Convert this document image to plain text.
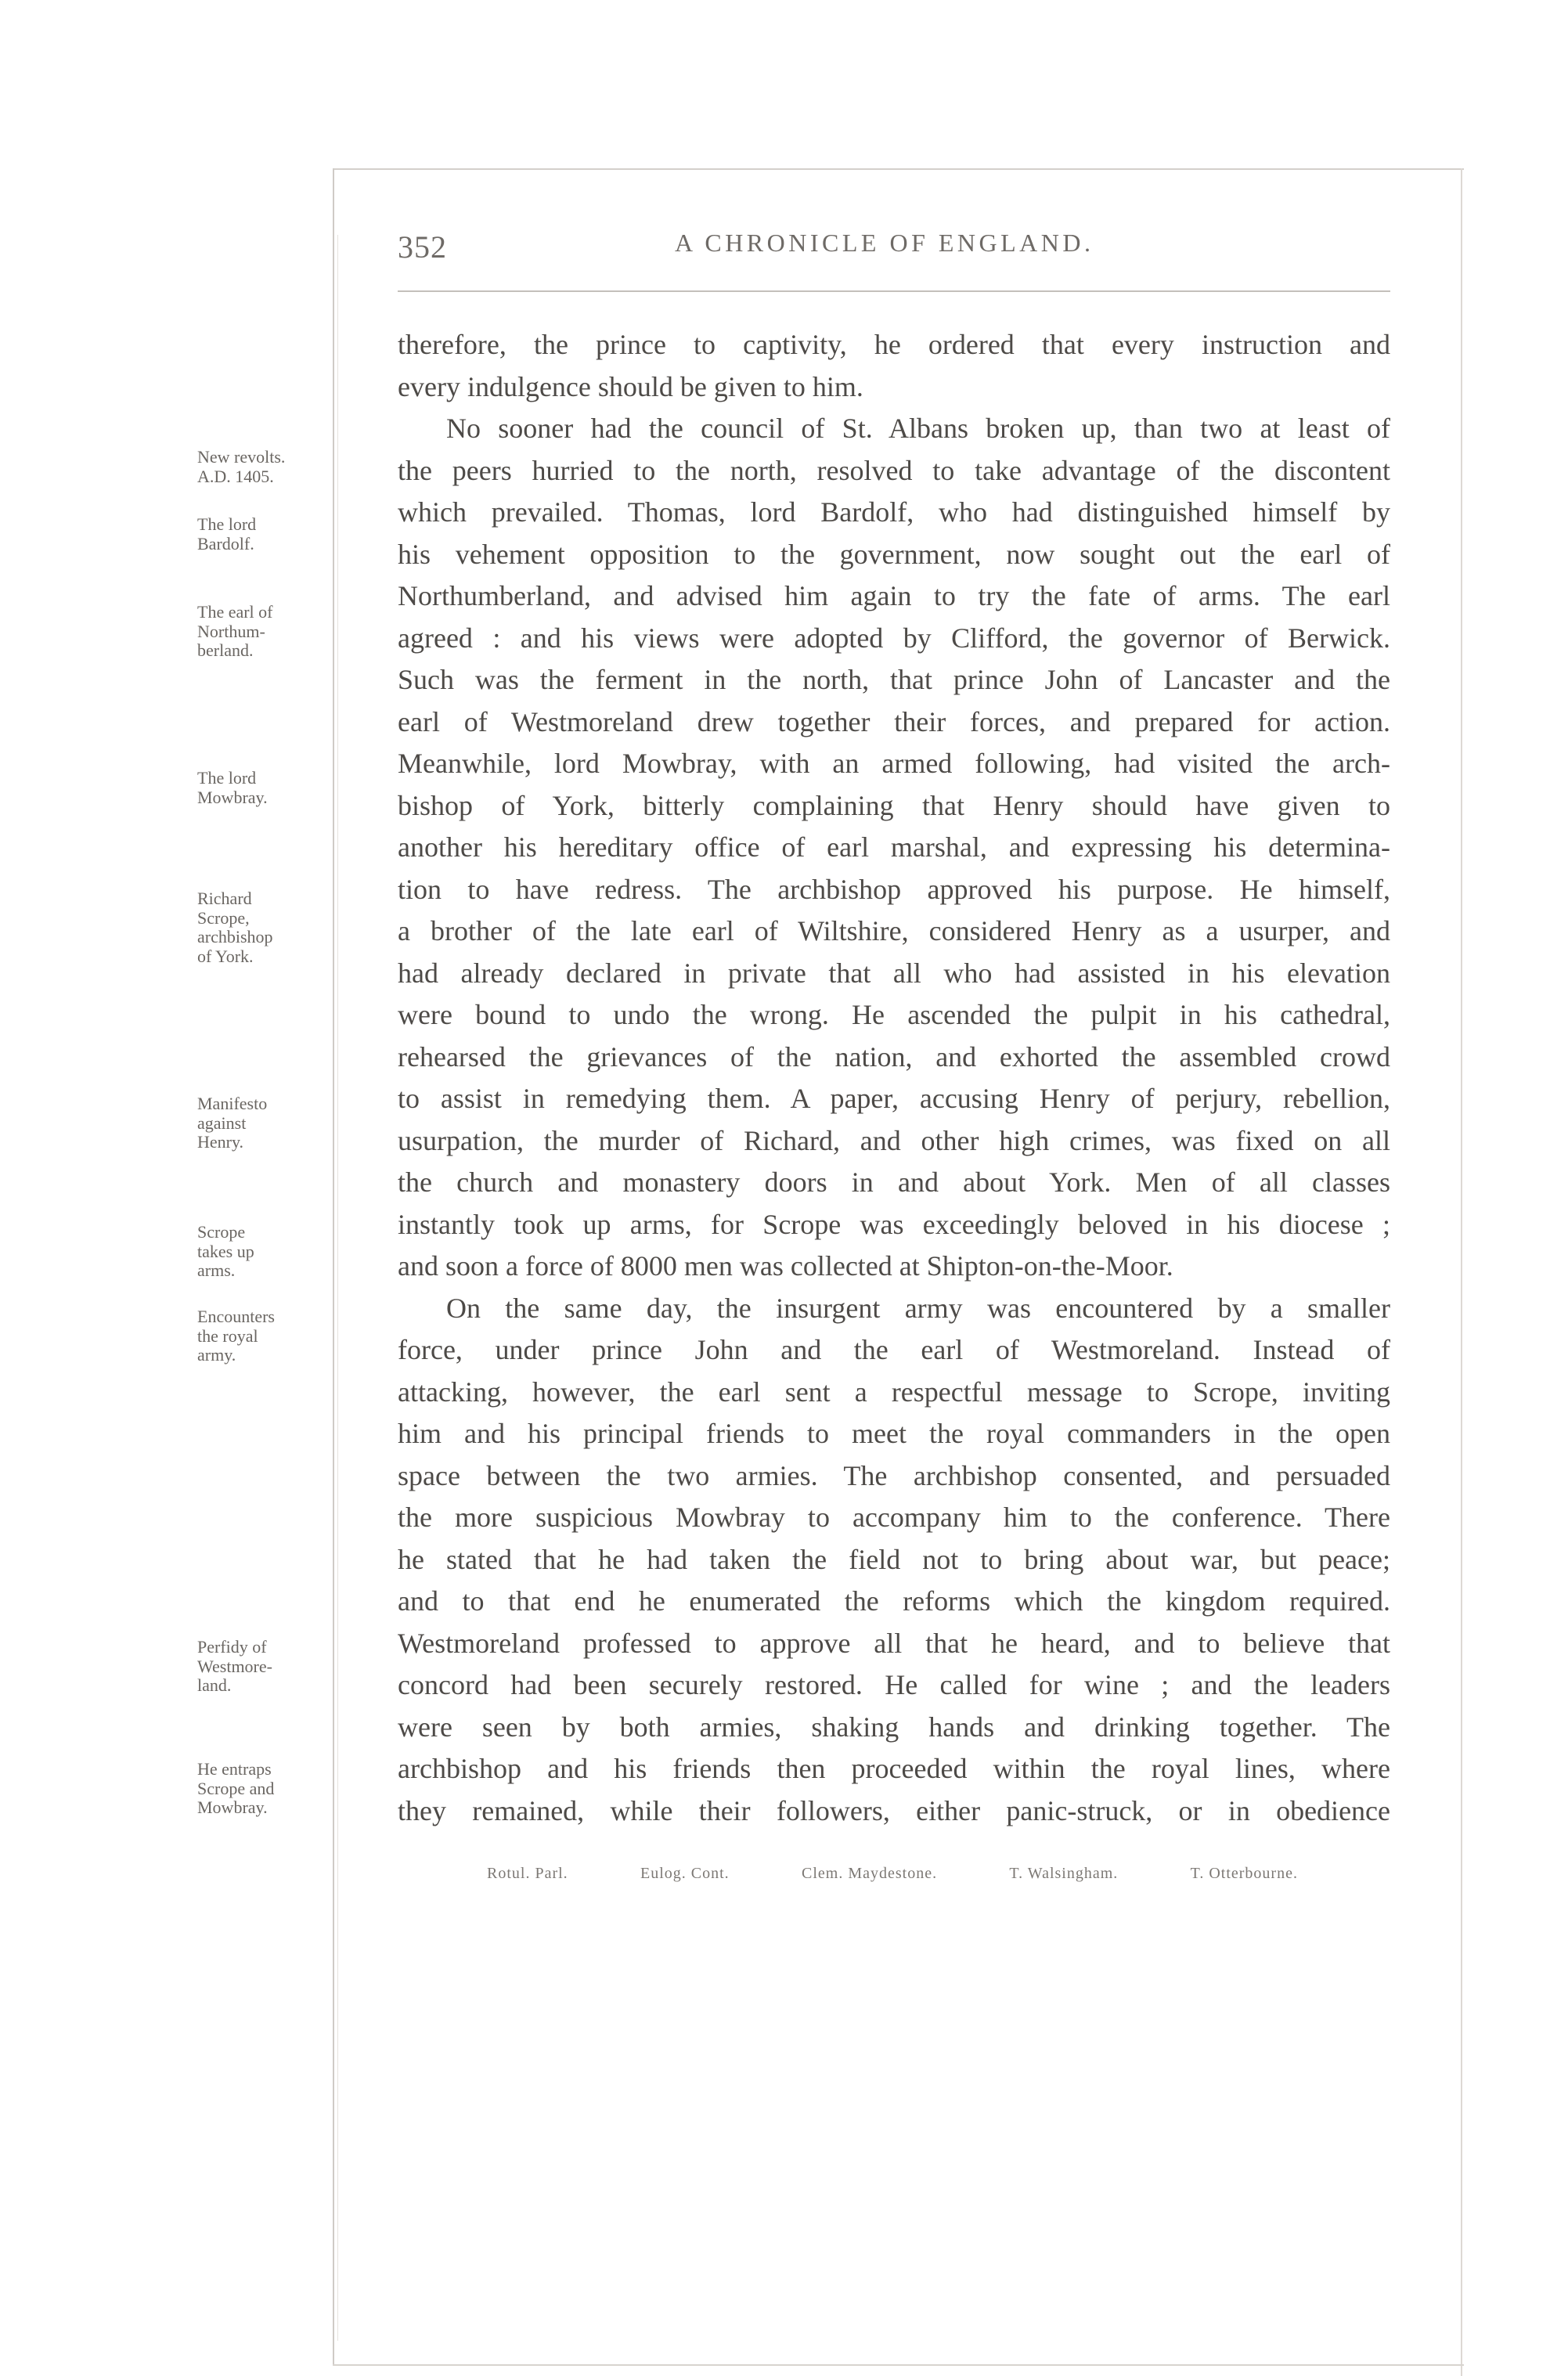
352	A CHRONICLE OF ENGLAND.
therefore, the prince to captivity, he ordered that every instruction and
every indulgence should be given to him.
No sooner had the council of St. Albans broken up, than two at least of
the peers hurried to the north, resolved to take advantage of the discontent
which prevailed. Thomas, lord Bardolf, who had distinguished himself by
his vehement opposition to the government, now sought out the earl of
Northumberland, and advised him again to try the fate of arms. The earl
agreed : and his views were adopted by Clifford, the governor of Berwick.
Such was the ferment in the north, that prince John of Lancaster and the
earl of Westmoreland drew together their forces, and prepared for action.
Meanwhile, lord Mowbray, with an armed following, had visited the arch-
bishop of York, bitterly complaining that Henry should have given to
another his hereditary office of earl marshal, and expressing his determina-
tion to have redress. The archbishop approved his purpose. He himself,
a brother of the late earl of Wiltshire, considered Henry as a usurper, and
had already declared in private that all who had assisted in his elevation
were bound to undo the wrong. He ascended the pulpit in his cathedral,
rehearsed the grievances of the nation, and exhorted the assembled crowd
to assist in remedying them. A paper, accusing Henry of perjury, rebellion,
usurpation, the murder of Richard, and other high crimes, was fixed on all
the church and monastery doors in and about York. Men of all classes
instantly took up arms, for Scrope was exceedingly beloved in his diocese ;
and soon a force of 8000 men was collected at Shipton-on-the-Moor.
On the same day, the insurgent army was encountered by a smaller
force, under prince John and the earl of Westmoreland. Instead of
attacking, however, the earl sent a respectful message to Scrope, inviting
him and his principal friends to meet the royal commanders in the open
space between the two armies. The archbishop consented, and persuaded
the more suspicious Mowbray to accompany him to the conference. There
he stated that he had taken the field not to bring about war, but peace;
and to that end he enumerated the reforms which the kingdom required.
Westmoreland professed to approve all that he heard, and to believe that
concord had been securely restored. He called for wine ; and the leaders
were seen by both armies, shaking hands and drinking together. The
archbishop and his friends then proceeded within the royal lines, where
they remained, while their followers, either panic-struck, or in obedience
New revolts.
A.D. 1405.
The lord
Bardolf.
The earl of
Northum-
berland.
The lord
Mowbray.
Richard
Scrope,
archbishop
of York.
Manifesto
against
Henry.
Scrope
takes up
arms.
Encounters
the royal
army.
Perfidy of
Westmore-
land.
He entraps
Scrope and
Mowbray.
Rotul. Parl.	Eulog. Cont.	Clem. Maydestone.	T. Walsingham.	T. Otterbourne.
